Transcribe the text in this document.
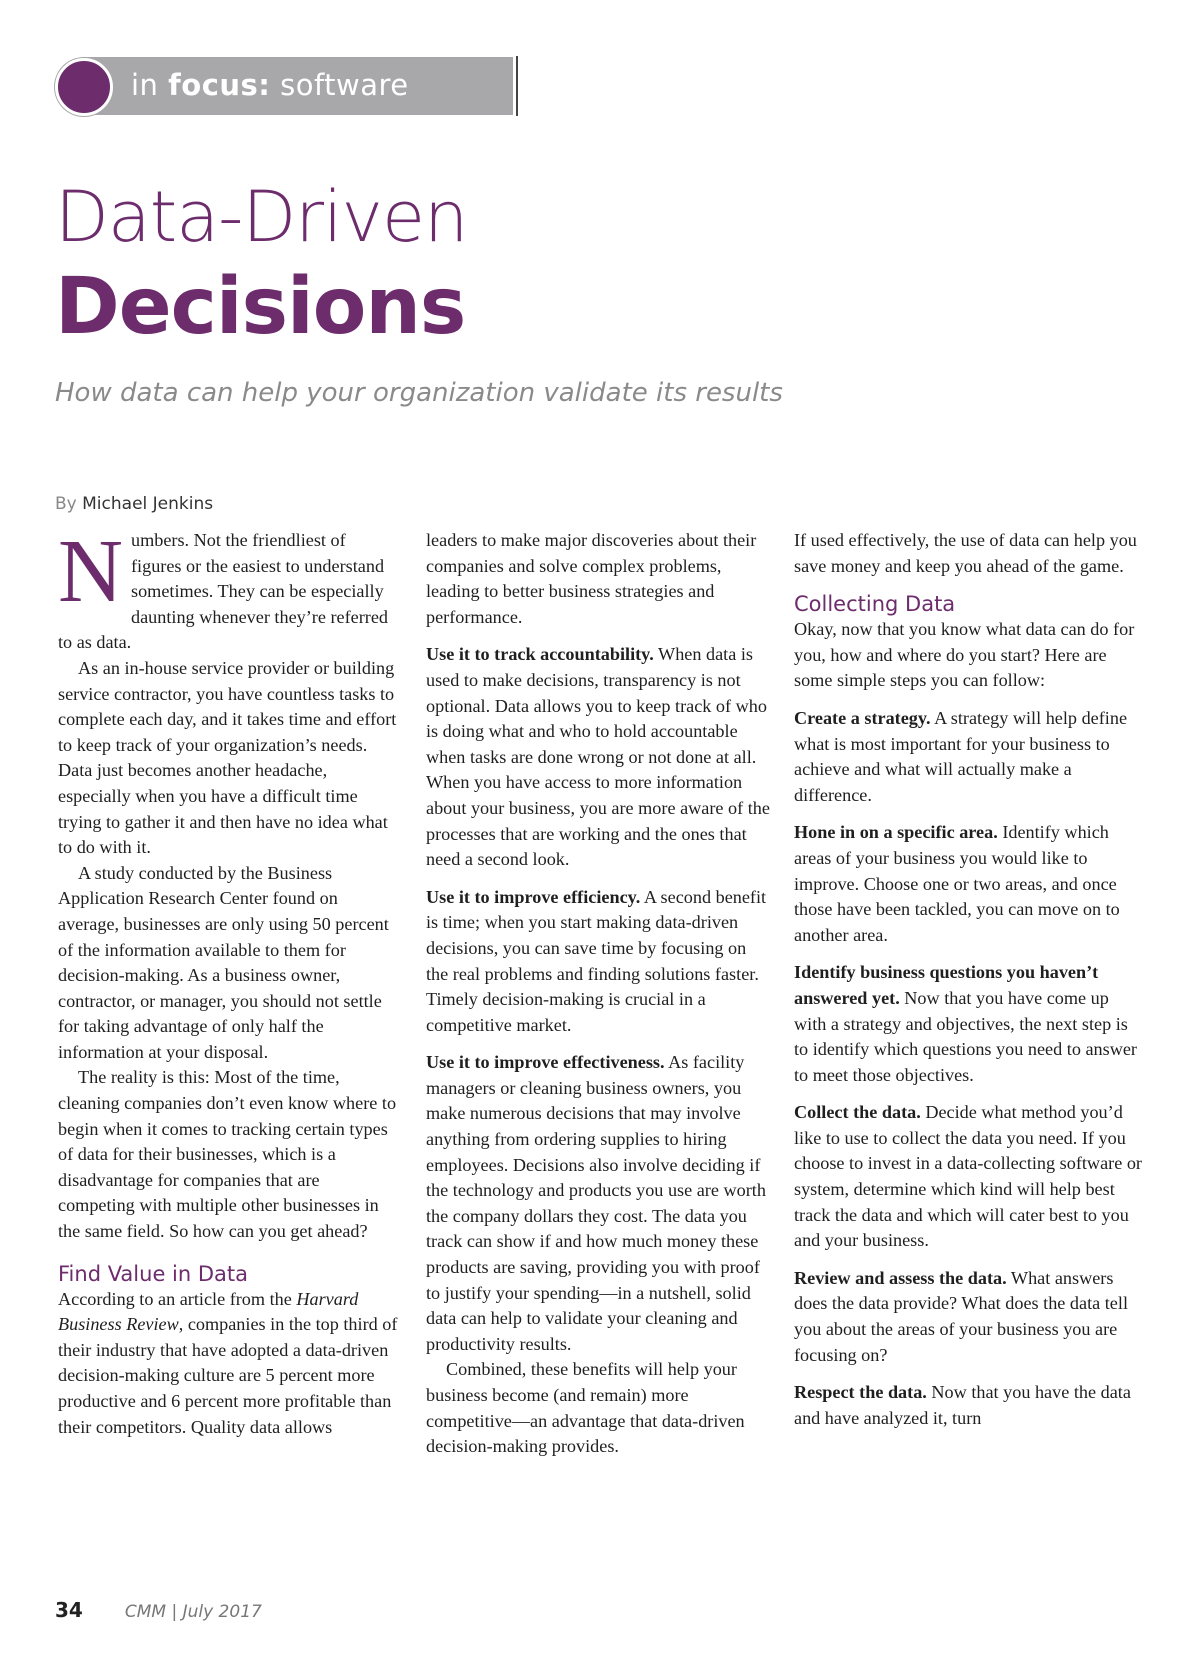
in focus: software
Data-Driven
Decisions
How data can help your organization validate its results
By Michael Jenkins

Numbers. Not the friendliest of figures or the easiest to understand sometimes. They can be especially daunting whenever they’re referred to as data.

As an in-house service provider or building service contractor, you have countless tasks to complete each day, and it takes time and effort to keep track of your organization’s needs. Data just becomes another headache, especially when you have a difficult time trying to gather it and then have no idea what to do with it.

A study conducted by the Business Application Research Center found on average, businesses are only using 50 percent of the information available to them for decision-making. As a business owner, contractor, or manager, you should not settle for taking advantage of only half the information at your disposal.

The reality is this: Most of the time, cleaning companies don’t even know where to begin when it comes to tracking certain types of data for their businesses, which is a disadvantage for companies that are competing with multiple other businesses in the same field. So how can you get ahead?

Find Value in Data

According to an article from the Harvard Business Review, companies in the top third of their industry that have adopted a data-driven decision-making culture are 5 percent more productive and 6 percent more profitable than their competitors. Quality data allows

leaders to make major discoveries about their companies and solve complex problems, leading to better business strategies and performance.

Use it to track accountability. When data is used to make decisions, transparency is not optional. Data allows you to keep track of who is doing what and who to hold accountable when tasks are done wrong or not done at all. When you have access to more information about your business, you are more aware of the processes that are working and the ones that need a second look.

Use it to improve efficiency. A second benefit is time; when you start making data-driven decisions, you can save time by focusing on the real problems and finding solutions faster. Timely decision-making is crucial in a competitive market.

Use it to improve effectiveness. As facility managers or cleaning business owners, you make numerous decisions that may involve anything from ordering supplies to hiring employees. Decisions also involve deciding if the technology and products you use are worth the company dollars they cost. The data you track can show if and how much money these products are saving, providing you with proof to justify your spending—in a nutshell, solid data can help to validate your cleaning and productivity results.

Combined, these benefits will help your business become (and remain) more competitive—an advantage that data-driven decision-making provides.

If used effectively, the use of data can help you save money and keep you ahead of the game.

Collecting Data

Okay, now that you know what data can do for you, how and where do you start? Here are some simple steps you can follow:

Create a strategy. A strategy will help define what is most important for your business to achieve and what will actually make a difference.

Hone in on a specific area. Identify which areas of your business you would like to improve. Choose one or two areas, and once those have been tackled, you can move on to another area.

Identify business questions you haven’t answered yet. Now that you have come up with a strategy and objectives, the next step is to identify which questions you need to answer to meet those objectives.

Collect the data. Decide what method you’d like to use to collect the data you need. If you choose to invest in a data-collecting software or system, determine which kind will help best track the data and which will cater best to you and your business.

Review and assess the data. What answers does the data provide? What does the data tell you about the areas of your business you are focusing on?

Respect the data. Now that you have the data and have analyzed it, turn

34 CMM | July 2017
